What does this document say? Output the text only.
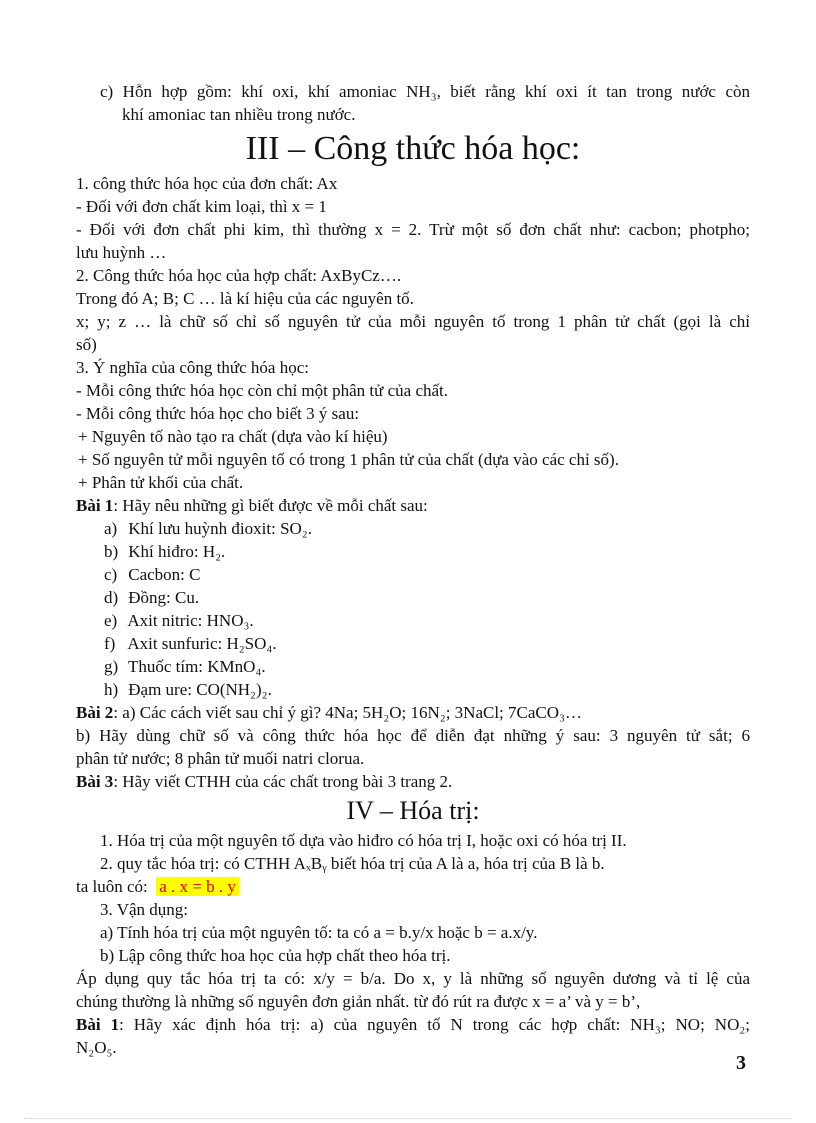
c) Hỗn hợp gồm: khí oxi, khí amoniac NH₃, biết rằng khí oxi ít tan trong nước còn
khí amoniac tan nhiều trong nước.
III – Công thức hóa học:
1. công thức hóa học của đơn chất: Ax
- Đối với đơn chất kim loại, thì x = 1
- Đối với đơn chất phi kim, thì thường x = 2. Trừ một số đơn chất như: cacbon; photpho;
lưu huỳnh …
2. Công thức hóa học của hợp chất: AxByCz….
Trong đó A; B; C … là kí hiệu của các nguyên tố.
x; y; z … là chữ số chỉ số nguyên tử của mỗi nguyên tố trong 1 phân tử chất (gọi là chỉ
số)
3. Ý nghĩa của công thức hóa học:
- Mỗi công thức hóa học còn chỉ một phân tử của chất.
- Mỗi công thức hóa học cho biết 3 ý sau:
+ Nguyên tố nào tạo ra chất (dựa vào kí hiệu)
+ Số nguyên tử mỗi nguyên tố có trong 1 phân tử của chất (dựa vào các chỉ số).
+ Phân tử khối của chất.
Bài 1: Hãy nêu những gì biết được về mỗi chất sau:
a) Khí lưu huỳnh đioxit: SO₂.
b) Khí hiđro: H₂.
c) Cacbon: C
d) Đồng: Cu.
e) Axit nitric: HNO₃.
f) Axit sunfuric: H₂SO₄.
g) Thuốc tím: KMnO₄.
h) Đạm ure: CO(NH₂)₂.
Bài 2: a) Các cách viết sau chỉ ý gì? 4Na; 5H₂O; 16N₂; 3NaCl; 7CaCO₃…
b) Hãy dùng chữ số và công thức hóa học để diễn đạt những ý sau: 3 nguyên tử sắt; 6
phân tử nước; 8 phân tử muối natri clorua.
Bài 3: Hãy viết CTHH của các chất trong bài 3 trang 2.
IV – Hóa trị:
1. Hóa trị của một nguyên tố dựa vào hiđro có hóa trị I, hoặc oxi có hóa trị II.
2. quy tắc hóa trị: có CTHH AₓBᵧ biết hóa trị của A là a, hóa trị của B là b.
ta luôn có: a . x = b . y
3. Vận dụng:
a) Tính hóa trị của một nguyên tố: ta có a = b.y/x hoặc b = a.x/y.
b) Lập công thức hoa học của hợp chất theo hóa trị.
Áp dụng quy tắc hóa trị ta có: x/y = b/a. Do x, y là những số nguyên dương và tỉ lệ của
chúng thường là những số nguyên đơn giản nhất. từ đó rút ra được x = a’ và y = b’,
Bài 1: Hãy xác định hóa trị: a) của nguyên tố N trong các hợp chất: NH₃; NO; NO₂;
N₂O₅.
3
